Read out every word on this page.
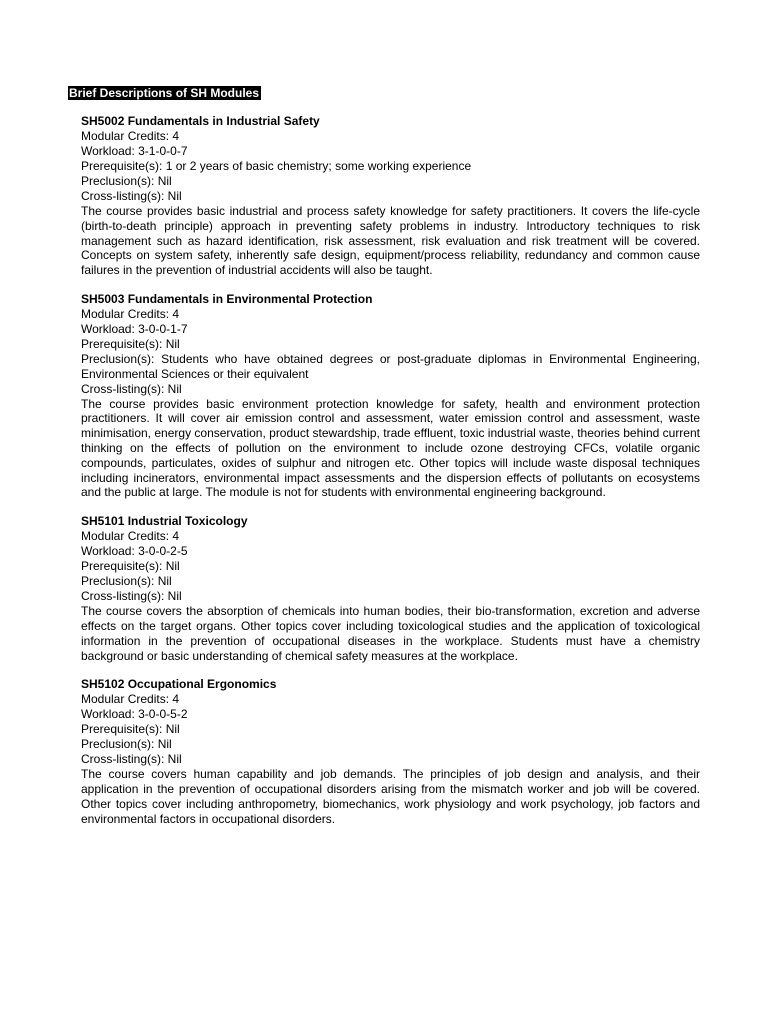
Brief Descriptions of SH Modules
SH5002 Fundamentals in Industrial Safety
Modular Credits: 4
Workload: 3-1-0-0-7
Prerequisite(s): 1 or 2 years of basic chemistry; some working experience
Preclusion(s): Nil
Cross-listing(s): Nil
The course provides basic industrial and process safety knowledge for safety practitioners. It covers the life-cycle (birth-to-death principle) approach in preventing safety problems in industry. Introductory techniques to risk management such as hazard identification, risk assessment, risk evaluation and risk treatment will be covered. Concepts on system safety, inherently safe design, equipment/process reliability, redundancy and common cause failures in the prevention of industrial accidents will also be taught.
SH5003 Fundamentals in Environmental Protection
Modular Credits: 4
Workload: 3-0-0-1-7
Prerequisite(s): Nil
Preclusion(s): Students who have obtained degrees or post-graduate diplomas in Environmental Engineering, Environmental Sciences or their equivalent
Cross-listing(s): Nil
The course provides basic environment protection knowledge for safety, health and environment protection practitioners. It will cover air emission control and assessment, water emission control and assessment, waste minimisation, energy conservation, product stewardship, trade effluent, toxic industrial waste, theories behind current thinking on the effects of pollution on the environment to include ozone destroying CFCs, volatile organic compounds, particulates, oxides of sulphur and nitrogen etc. Other topics will include waste disposal techniques including incinerators, environmental impact assessments and the dispersion effects of pollutants on ecosystems and the public at large. The module is not for students with environmental engineering background.
SH5101 Industrial Toxicology
Modular Credits: 4
Workload: 3-0-0-2-5
Prerequisite(s): Nil
Preclusion(s): Nil
Cross-listing(s): Nil
The course covers the absorption of chemicals into human bodies, their bio-transformation, excretion and adverse effects on the target organs. Other topics cover including toxicological studies and the application of toxicological information in the prevention of occupational diseases in the workplace. Students must have a chemistry background or basic understanding of chemical safety measures at the workplace.
SH5102 Occupational Ergonomics
Modular Credits: 4
Workload: 3-0-0-5-2
Prerequisite(s): Nil
Preclusion(s): Nil
Cross-listing(s): Nil
The course covers human capability and job demands. The principles of job design and analysis, and their application in the prevention of occupational disorders arising from the mismatch worker and job will be covered. Other topics cover including anthropometry, biomechanics, work physiology and work psychology, job factors and environmental factors in occupational disorders.
